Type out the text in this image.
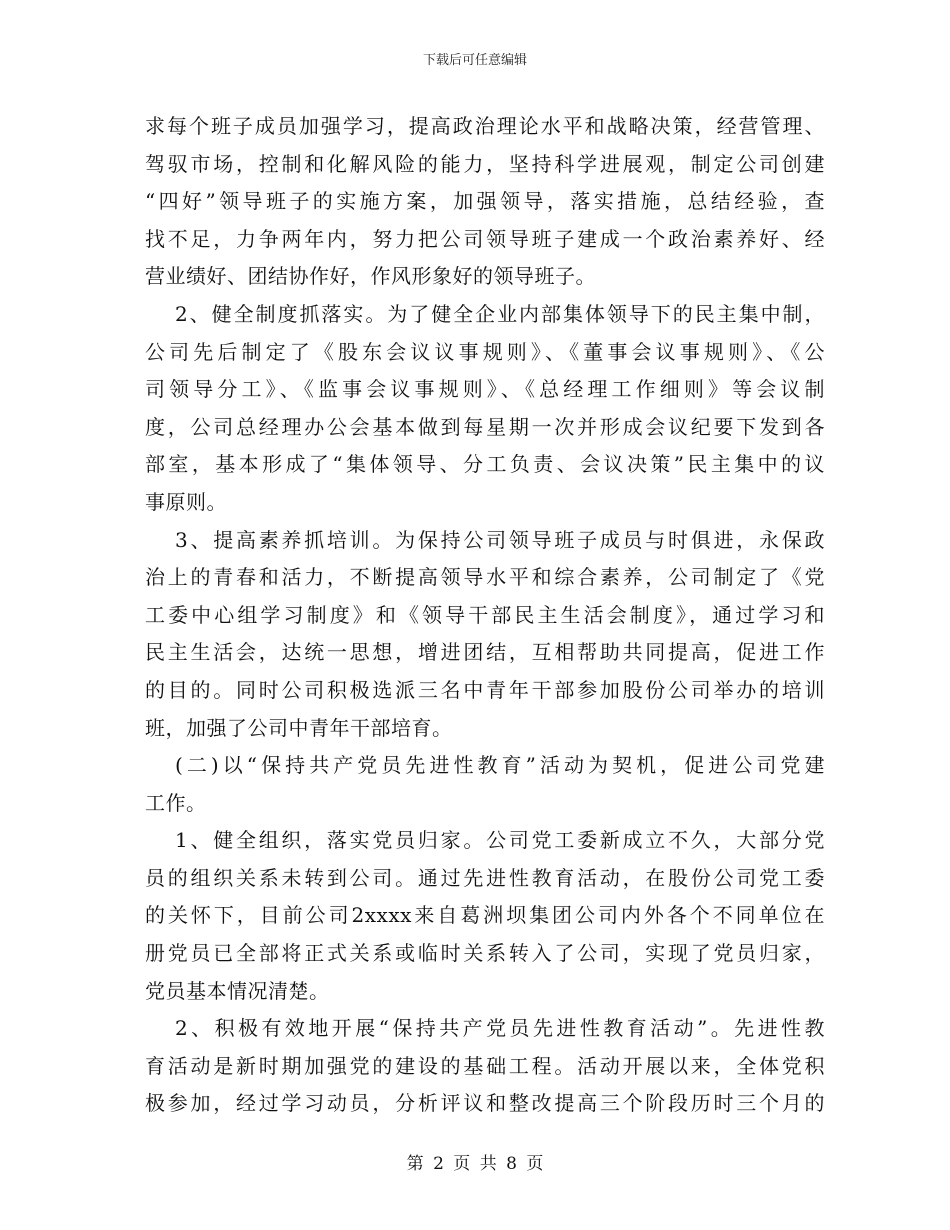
下载后可任意编辑
求每个班子成员加强学习，提高政治理论水平和战略决策，经营管理、
驾驭市场，控制和化解风险的能力，坚持科学进展观，制定公司创建
“四好”领导班子的实施方案，加强领导，落实措施，总结经验，查
找不足，力争两年内，努力把公司领导班子建成一个政治素养好、经
营业绩好、团结协作好，作风形象好的领导班子。
2、健全制度抓落实。为了健全企业内部集体领导下的民主集中制，
公司先后制定了《股东会议议事规则》、《董事会议事规则》、《公
司领导分工》、《监事会议事规则》、《总经理工作细则》等会议制
度，公司总经理办公会基本做到每星期一次并形成会议纪要下发到各
部室，基本形成了“集体领导、分工负责、会议决策”民主集中的议
事原则。
3、提高素养抓培训。为保持公司领导班子成员与时俱进，永保政
治上的青春和活力，不断提高领导水平和综合素养，公司制定了《党
工委中心组学习制度》和《领导干部民主生活会制度》，通过学习和
民主生活会，达统一思想，增进团结，互相帮助共同提高，促进工作
的目的。同时公司积极选派三名中青年干部参加股份公司举办的培训
班，加强了公司中青年干部培育。
(二)以“保持共产党员先进性教育”活动为契机，促进公司党建
工作。
1、健全组织，落实党员归家。公司党工委新成立不久，大部分党
员的组织关系未转到公司。通过先进性教育活动，在股份公司党工委
的关怀下，目前公司2xxxx来自葛洲坝集团公司内外各个不同单位在
册党员已全部将正式关系或临时关系转入了公司，实现了党员归家，
党员基本情况清楚。
2、积极有效地开展“保持共产党员先进性教育活动”。先进性教
育活动是新时期加强党的建设的基础工程。活动开展以来，全体党积
极参加，经过学习动员，分析评议和整改提高三个阶段历时三个月的
第 2 页 共 8 页
